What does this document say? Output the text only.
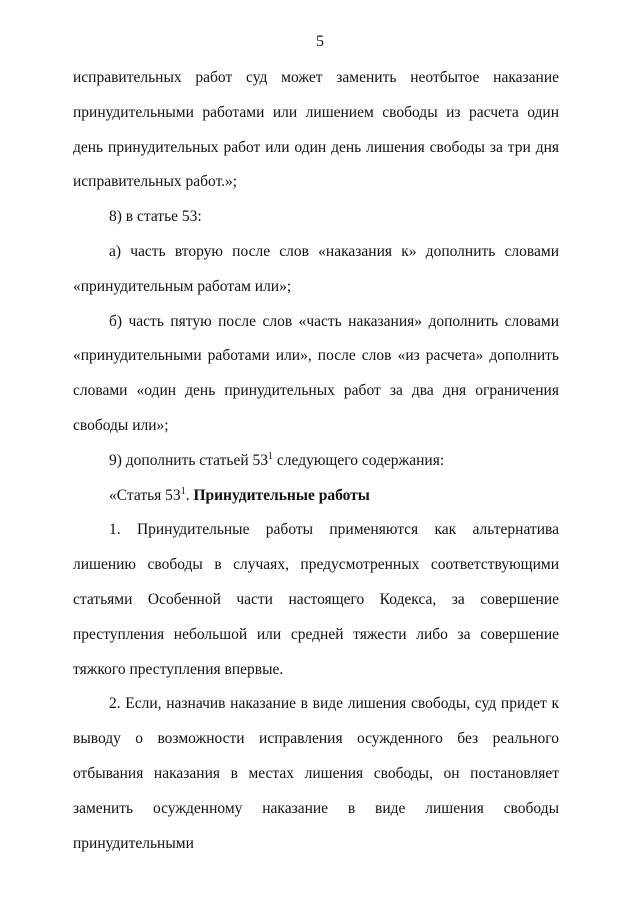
5

исправительных работ суд может заменить неотбытое наказание принудительными работами или лишением свободы из расчета один день принудительных работ или один день лишения свободы за три дня исправительных работ.»;

8) в статье 53:

а) часть вторую после слов «наказания к» дополнить словами «принудительным работам или»;

б) часть пятую после слов «часть наказания» дополнить словами «принудительными работами или», после слов «из расчета» дополнить словами «один день принудительных работ за два дня ограничения свободы или»;

9) дополнить статьей $53^1$ следующего содержания:

«Статья $53^1$. Принудительные работы

1. Принудительные работы применяются как альтернатива лишению свободы в случаях, предусмотренных соответствующими статьями Особенной части настоящего Кодекса, за совершение преступления небольшой или средней тяжести либо за совершение тяжкого преступления впервые.

2. Если, назначив наказание в виде лишения свободы, суд придет к выводу о возможности исправления осужденного без реального отбывания наказания в местах лишения свободы, он постановляет заменить осужденному наказание в виде лишения свободы принудительными
